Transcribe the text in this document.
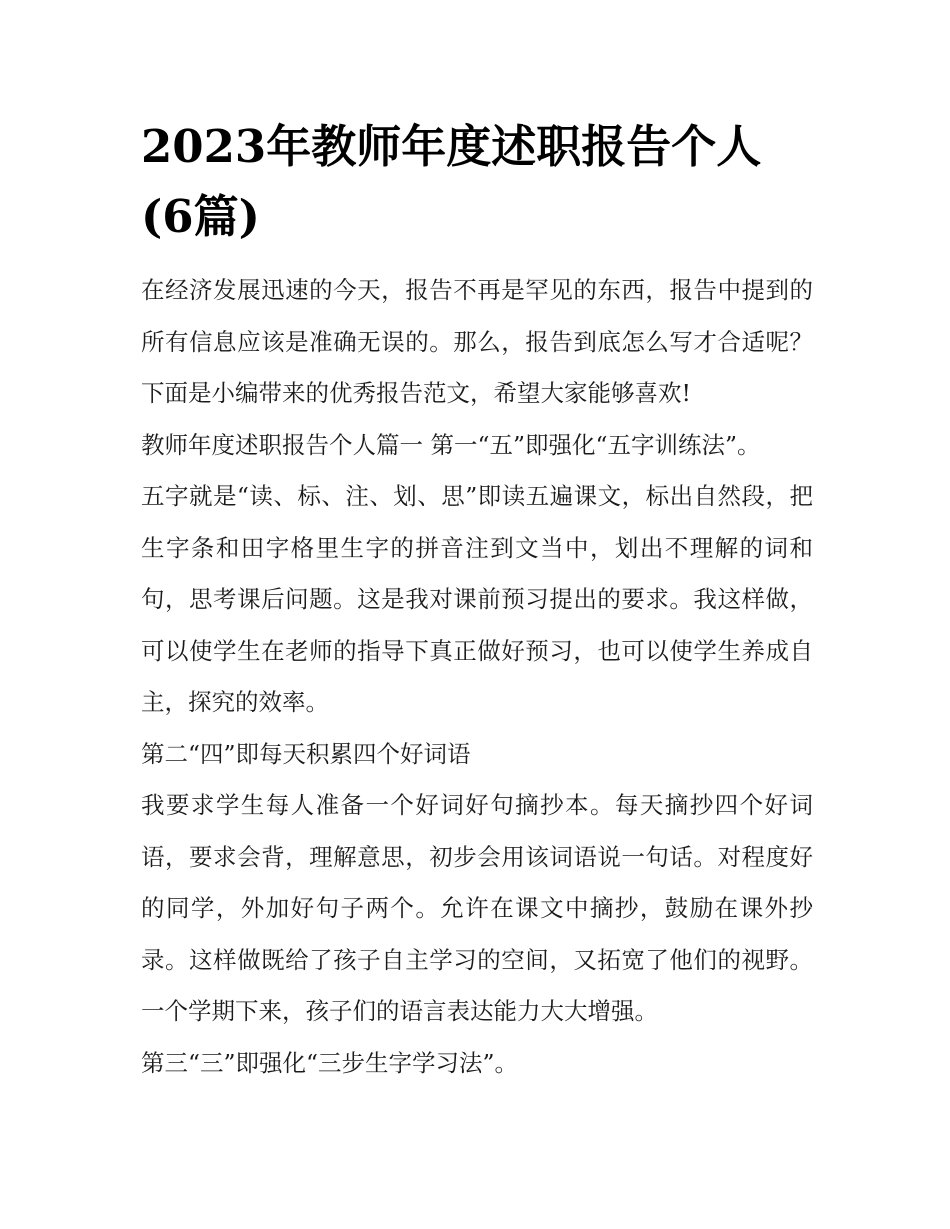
2023年教师年度述职报告个人
(6篇)

在经济发展迅速的今天，报告不再是罕见的东西，报告中提到的所有信息应该是准确无误的。那么，报告到底怎么写才合适呢？下面是小编带来的优秀报告范文，希望大家能够喜欢!

教师年度述职报告个人篇一 第一“五”即强化“五字训练法”。

五字就是“读、标、注、划、思”即读五遍课文，标出自然段，把生字条和田字格里生字的拼音注到文当中，划出不理解的词和句，思考课后问题。这是我对课前预习提出的要求。我这样做，可以使学生在老师的指导下真正做好预习，也可以使学生养成自主，探究的效率。

第二“四”即每天积累四个好词语

我要求学生每人准备一个好词好句摘抄本。每天摘抄四个好词语，要求会背，理解意思，初步会用该词语说一句话。对程度好的同学，外加好句子两个。允许在课文中摘抄，鼓励在课外抄录。这样做既给了孩子自主学习的空间，又拓宽了他们的视野。一个学期下来，孩子们的语言表达能力大大增强。

第三“三”即强化“三步生字学习法”。
